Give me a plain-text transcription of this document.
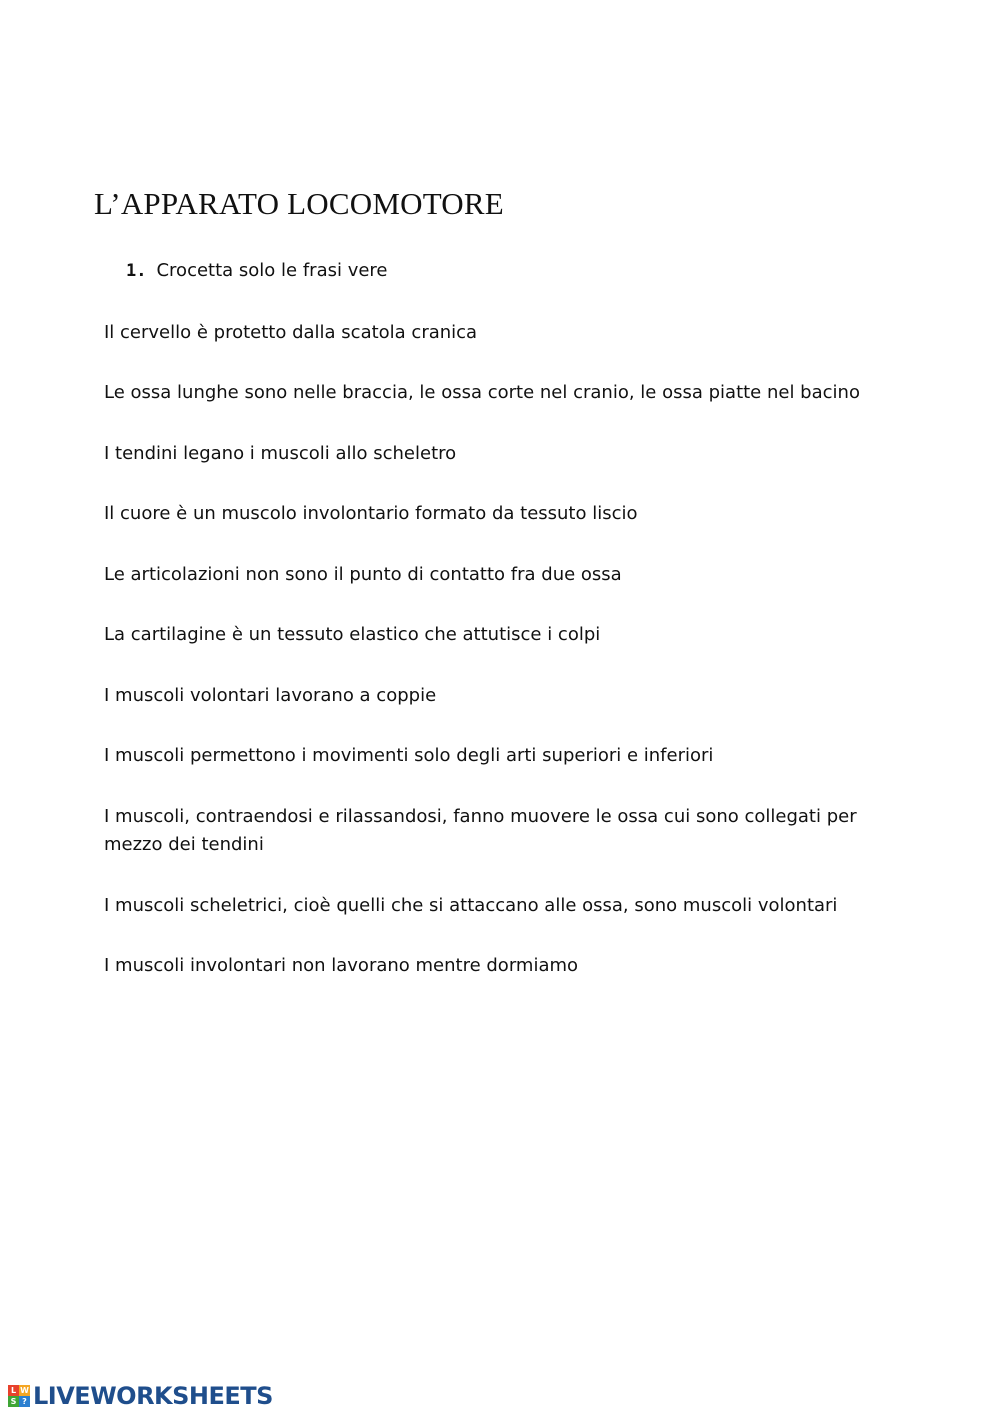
L’APPARATO LOCOMOTORE
1. Crocetta solo le frasi vere
Il cervello è protetto dalla scatola cranica
Le ossa lunghe sono nelle braccia, le ossa corte nel cranio, le ossa piatte nel bacino
I tendini legano i muscoli allo scheletro
Il cuore è un muscolo involontario formato da tessuto liscio
Le articolazioni non sono il punto di contatto fra due ossa
La cartilagine è un tessuto elastico che attutisce i colpi
I muscoli volontari lavorano a coppie
I muscoli permettono i movimenti solo degli arti superiori e inferiori
I muscoli, contraendosi e rilassandosi, fanno muovere le ossa cui sono collegati per mezzo dei tendini
I muscoli scheletrici, cioè quelli che si attaccano alle ossa, sono muscoli volontari
I muscoli involontari non lavorano mentre dormiamo
L W
S ? LIVEWORKSHEETS
